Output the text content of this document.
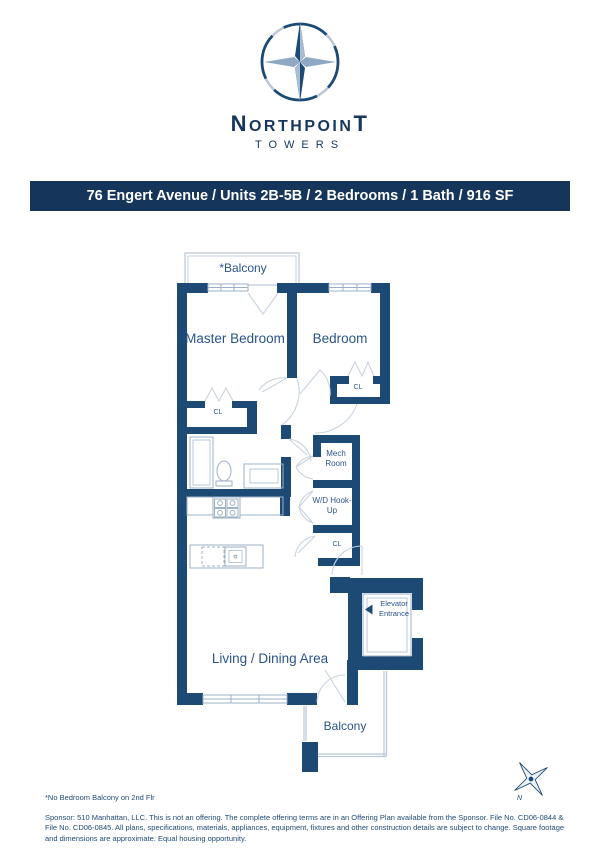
NORTHPOINT
TOWERS
76 Engert Avenue / Units 2B-5B / 2 Bedrooms / 1 Bath / 916 SF
*Balcony
Master Bedroom	Bedroom
CL
CL
Mech Room
W/D Hook-Up
CL
Living / Dining Area
Elevator Entrance
Balcony
N
*No Bedroom Balcony on 2nd Flr
Sponsor: 510 Manhattan, LLC. This is not an offering. The complete offering terms are in an Offering Plan available from the Sponsor. File No. CD06-0844 & File No. CD06-0845. All plans, specifications, materials, appliances, equipment, fixtures and other construction details are subject to change. Square footage and dimensions are approximate. Equal housing opportunity.
